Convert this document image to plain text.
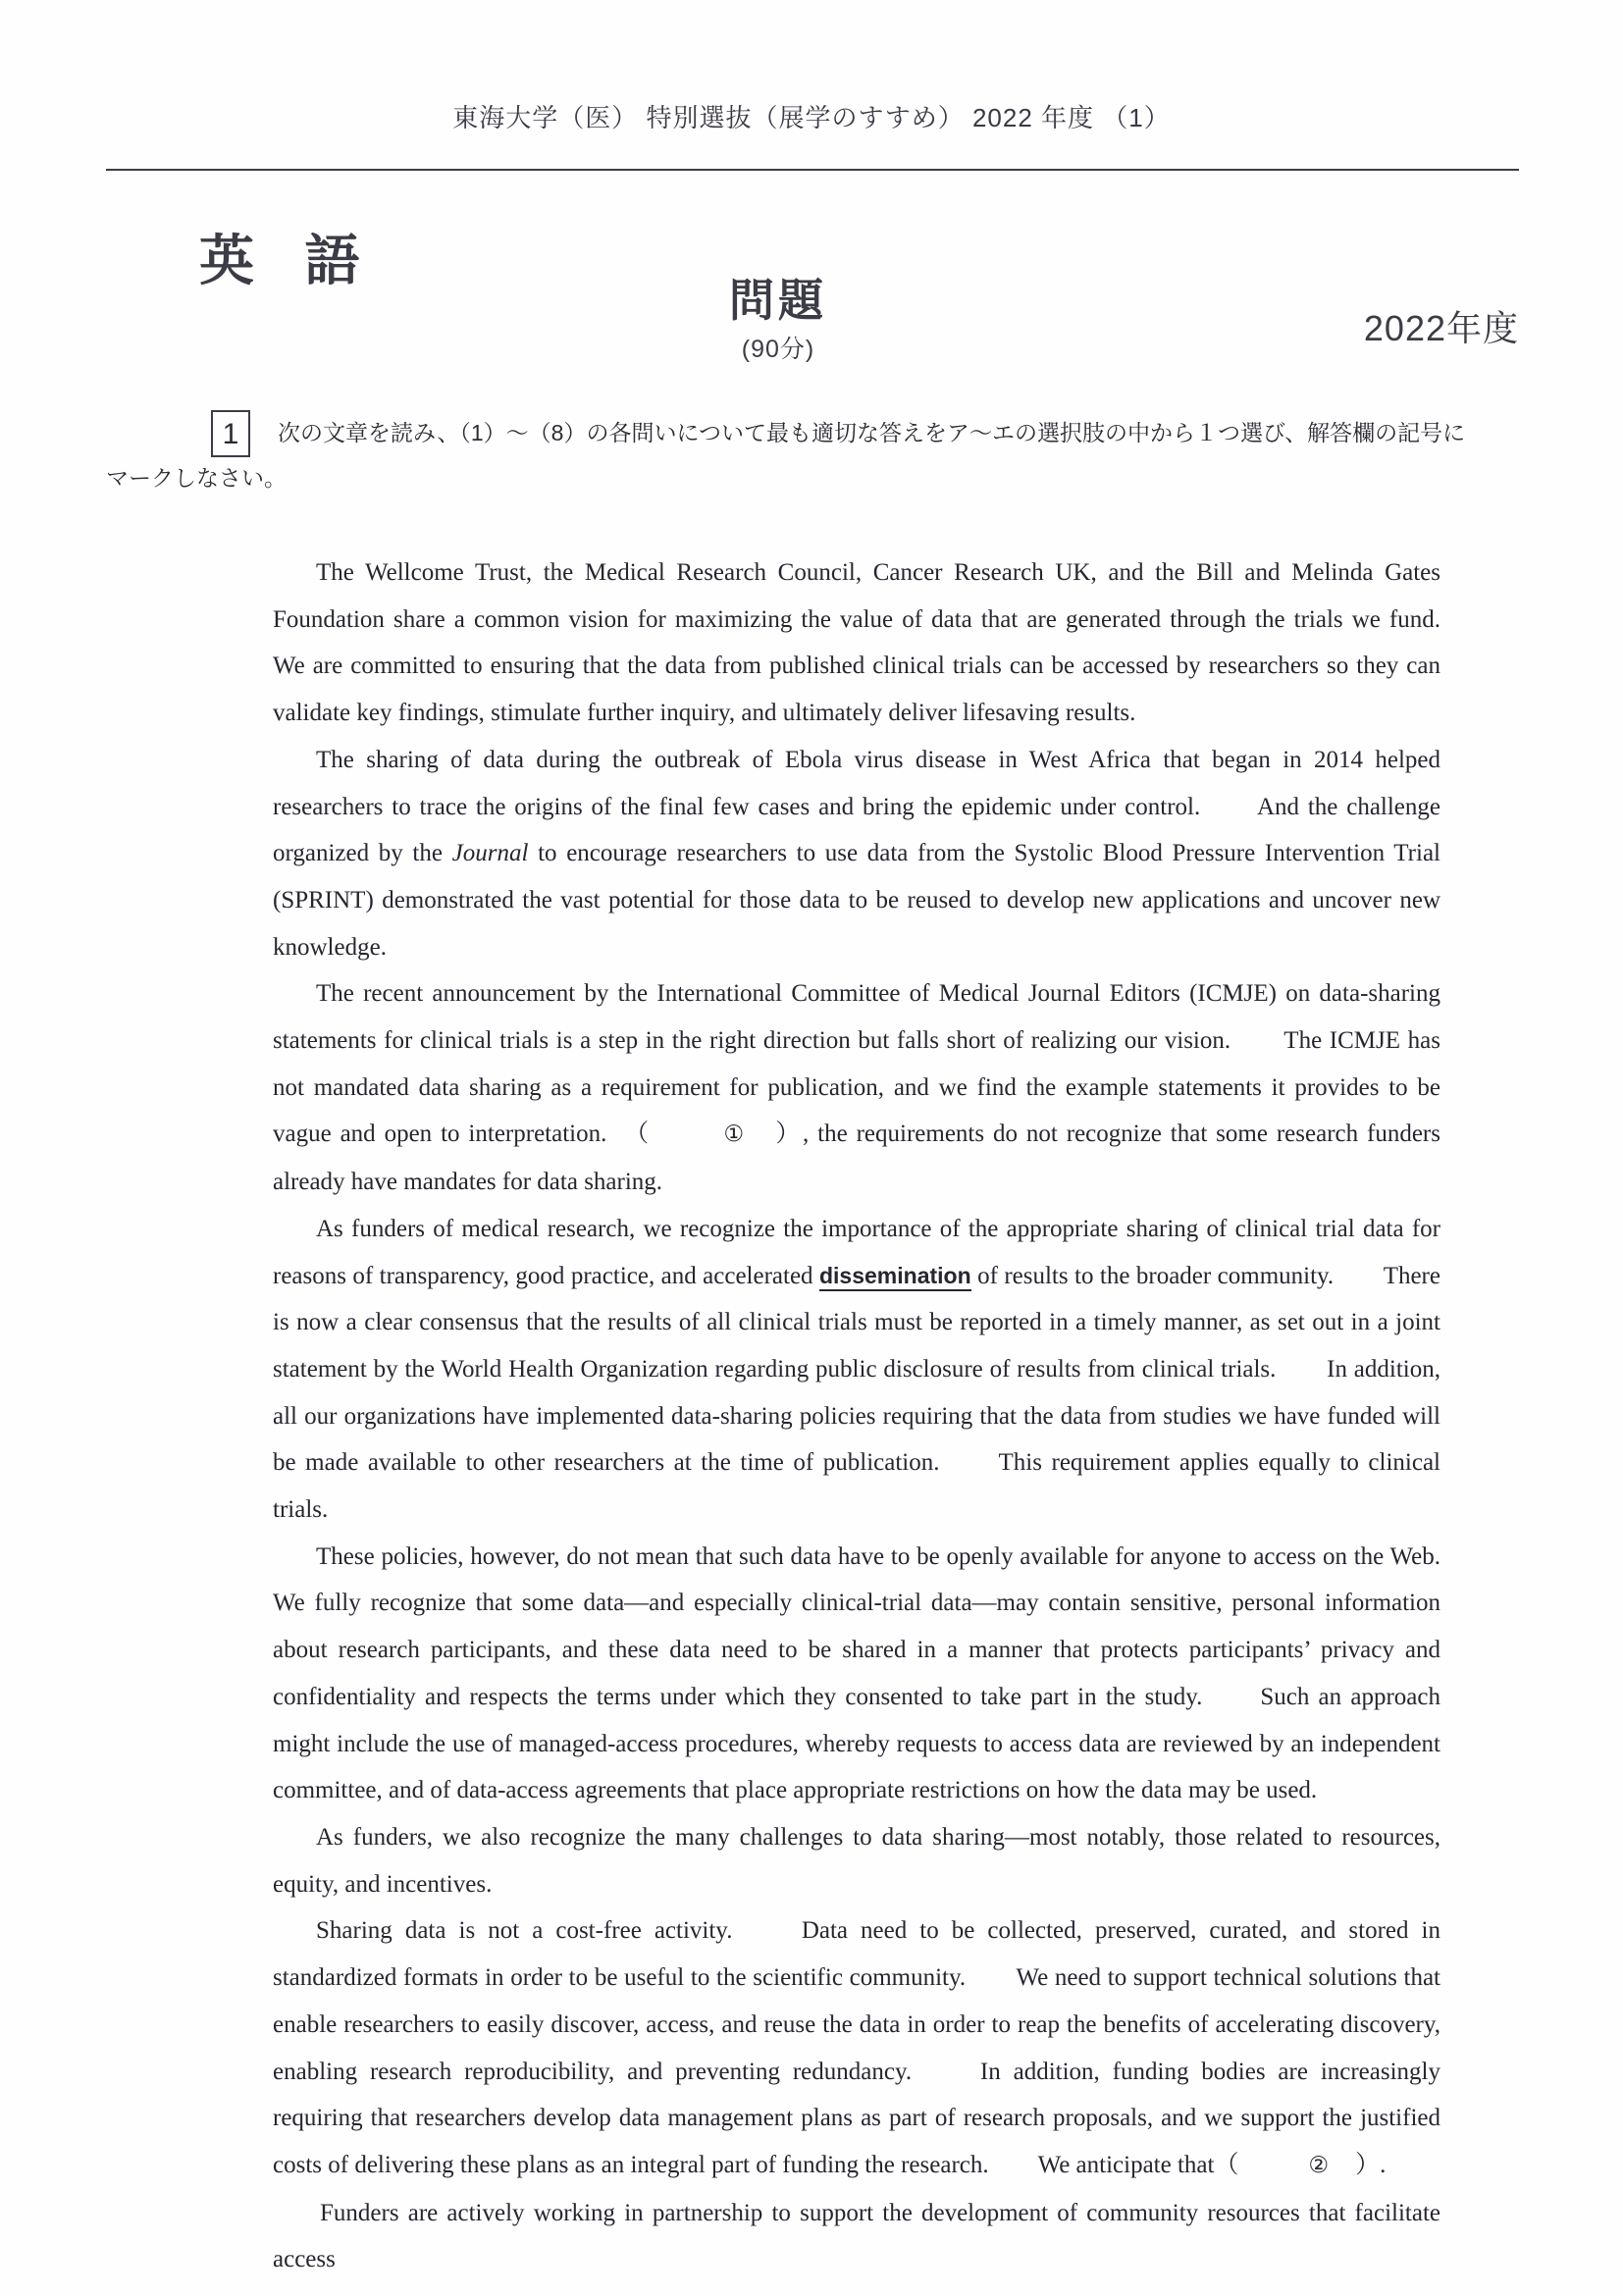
東海大学（医） 特別選抜（展学のすすめ） 2022 年度 （1）
英 語
問題
(90分)
2022年度
1	次の文章を読み、（1）～（8）の各問いについて最も適切な答えをア～エの選択肢の中から１つ選び、解答欄の記号に
マークしなさい。

The Wellcome Trust, the Medical Research Council, Cancer Research UK, and the Bill and Melinda Gates Foundation share a common vision for maximizing the value of data that are generated through the trials we fund.　　We are committed to ensuring that the data from published clinical trials can be accessed by researchers so they can validate key findings, stimulate further inquiry, and ultimately deliver lifesaving results.

The sharing of data during the outbreak of Ebola virus disease in West Africa that began in 2014 helped researchers to trace the origins of the final few cases and bring the epidemic under control.　　And the challenge organized by the Journal to encourage researchers to use data from the Systolic Blood Pressure Intervention Trial (SPRINT) demonstrated the vast potential for those data to be reused to develop new applications and uncover new knowledge.

The recent announcement by the International Committee of Medical Journal Editors (ICMJE) on data-sharing statements for clinical trials is a step in the right direction but falls short of realizing our vision.　　The ICMJE has not mandated data sharing as a requirement for publication, and we find the example statements it provides to be vague and open to interpretation.　（　①　）, the requirements do not recognize that some research funders already have mandates for data sharing.

As funders of medical research, we recognize the importance of the appropriate sharing of clinical trial data for reasons of transparency, good practice, and accelerated dissemination of results to the broader community.　　There is now a clear consensus that the results of all clinical trials must be reported in a timely manner, as set out in a joint statement by the World Health Organization regarding public disclosure of results from clinical trials.　　In addition, all our organizations have implemented data-sharing policies requiring that the data from studies we have funded will be made available to other researchers at the time of publication.　　This requirement applies equally to clinical trials.

These policies, however, do not mean that such data have to be openly available for anyone to access on the Web.　　We fully recognize that some data—and especially clinical-trial data—may contain sensitive, personal information about research participants, and these data need to be shared in a manner that protects participants’ privacy and confidentiality and respects the terms under which they consented to take part in the study.　　Such an approach might include the use of managed-access procedures, whereby requests to access data are reviewed by an independent committee, and of data-access agreements that place appropriate restrictions on how the data may be used.

As funders, we also recognize the many challenges to data sharing—most notably, those related to resources, equity, and incentives.

Sharing data is not a cost-free activity.　　Data need to be collected, preserved, curated, and stored in standardized formats in order to be useful to the scientific community.　　We need to support technical solutions that enable researchers to easily discover, access, and reuse the data in order to reap the benefits of accelerating discovery, enabling research reproducibility, and preventing redundancy.　　In addition, funding bodies are increasingly requiring that researchers develop data management plans as part of research proposals, and we support the justified costs of delivering these plans as an integral part of funding the research.　　We anticipate that（　②　）.

Funders are actively working in partnership to support the development of community resources that facilitate access
